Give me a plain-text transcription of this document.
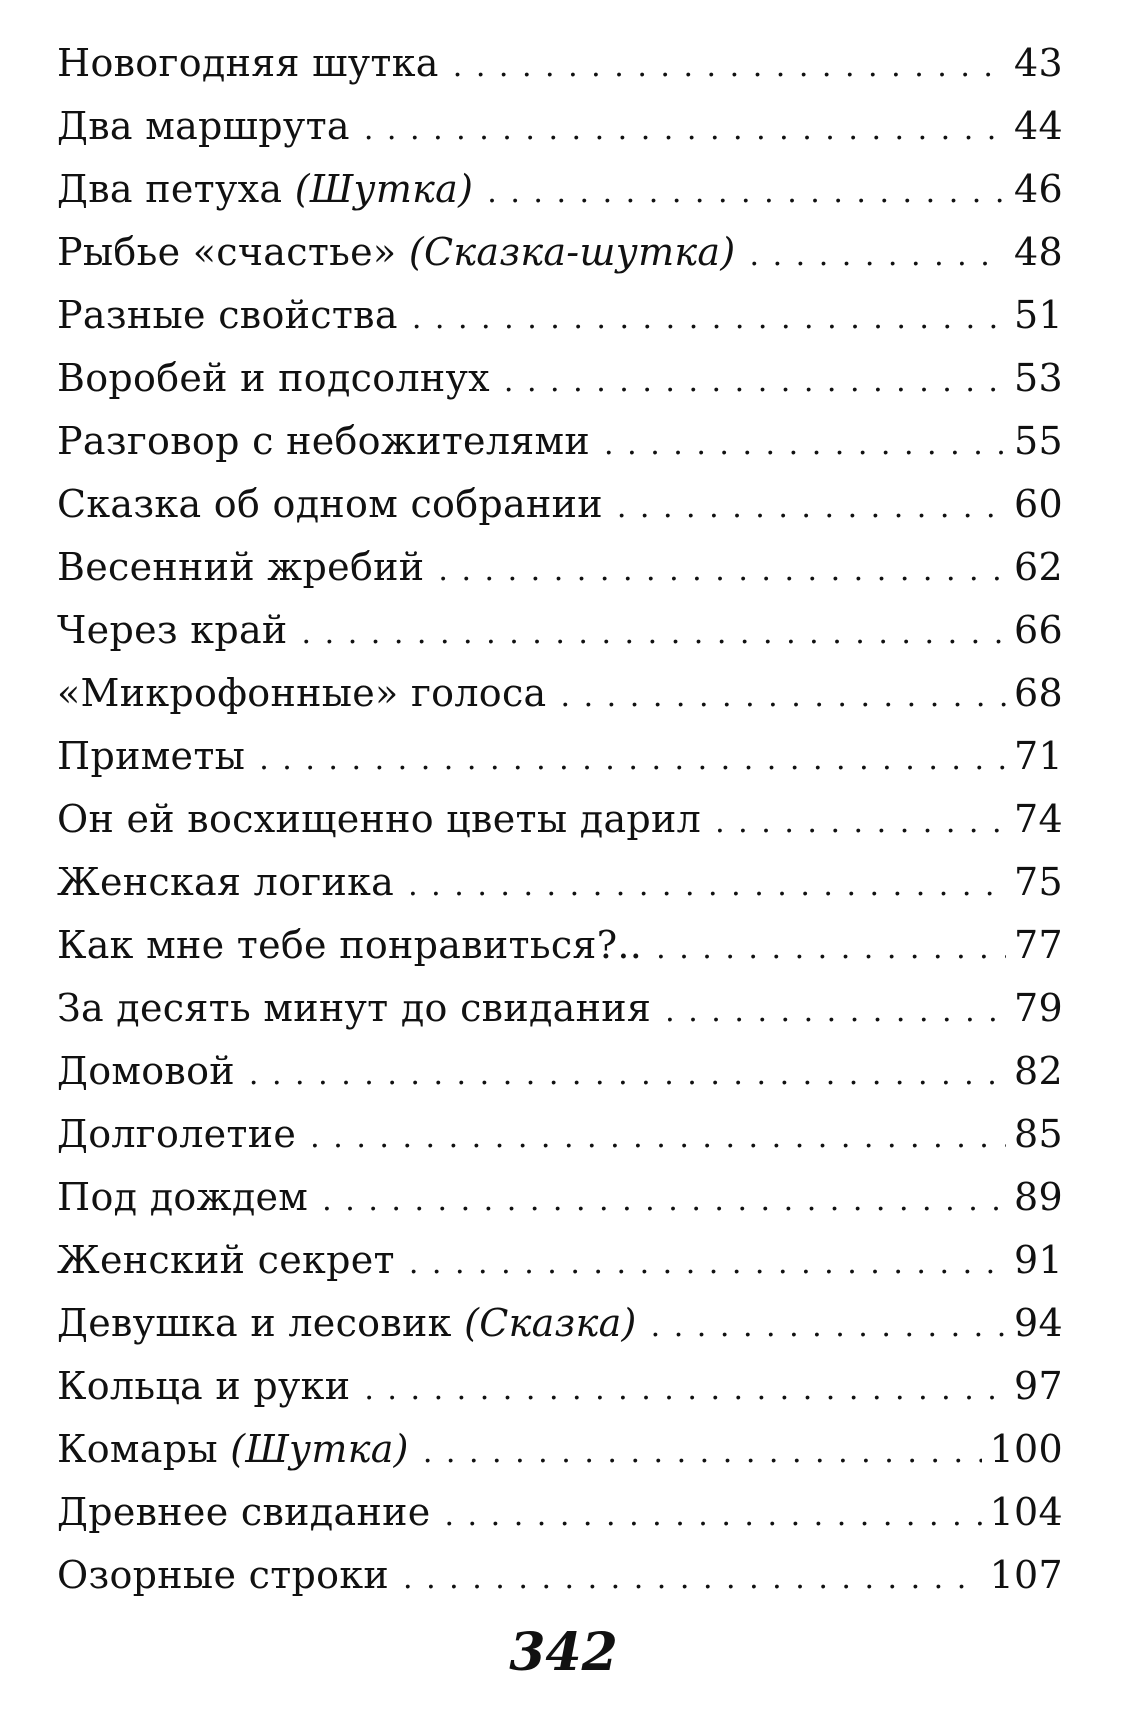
Новогодняя шутка . . .	43
Два маршрута . . .	44
Два петуха (Шутка) . . .	46
Рыбье «счастье» (Сказка-шутка) . . .	48
Разные свойства . . .	51
Воробей и подсолнух . . .	53
Разговор с небожителями . . .	55
Сказка об одном собрании . . .	60
Весенний жребий . . .	62
Через край . . .	66
«Микрофонные» голоса . . .	68
Приметы . . .	71
Он ей восхищенно цветы дарил . . .	74
Женская логика . . .	75
Как мне тебе понравиться?.. . . .	77
За десять минут до свидания . . .	79
Домовой . . .	82
Долголетие . . .	85
Под дождем . . .	89
Женский секрет . . .	91
Девушка и лесовик (Сказка) . . .	94
Кольца и руки . . .	97
Комары (Шутка) . . .	100
Древнее свидание . . .	104
Озорные строки . . .	107
342
